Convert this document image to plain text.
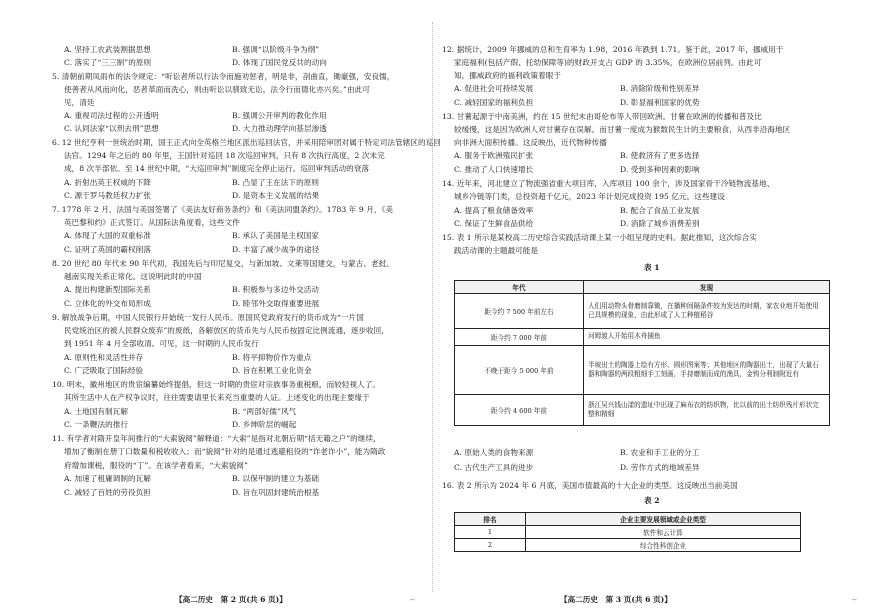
A. 坚持工农武装割据思想	B. 强调“以阶级斗争为纲”
C. 落实了“三三制”的原则	D. 体现了国民党反共的动向
5. 清朝前期凤雨布的法令规定：“听讼者所以行法令而施劝惩者，明是非，剖曲直，锄豪强，安良懦，
使善者从风而向化，恶者革面而洗心，则由听讼以驯致无讼，法令行而德化亦兴矣。”由此可
见，清廷
A. 重视司法过程的公开透明	B. 强调公开审判的教化作用
C. 认同法家“以刑去刑”思想	D. 大力推动理学向基层渗透
6. 12 世纪亨利一世统治时期，国王正式向全英格兰地区派出巡回法官，并采用陪审团对属于特定司法管辖区的巡回
法官。1294 年之后的 80 年里，王国针对巡回 18 次巡回审判，只有 8 次执行高度，2 次未完
成，8 次半部依。至 14 世纪中期，“大巡回审判”制度完全停止运行。巡回审判活动的衰落
A. 折射出英王权威的下降	B. 凸显了王在法下的原则
C. 源于罗马教廷权力扩张	D. 是资本主义发展的结果
7. 1778 年 2 月，法国与美国签署了《美法友好商务条约》和《美法同盟条约》。1783 年 9 月，《美
英巴黎和约》正式签订。从国际法角度看，这些文件
A. 体现了大国的双重标准	B. 承认了美国是主权国家
C. 证明了英国的霸权削落	D. 丰富了减少战争的途径
8. 20 世纪 80 年代末 90 年代初，我国先后与印尼复交，与新加坡、文莱等国建交，与蒙古、老挝、
越南实现关系正常化。这说明此时的中国
A. 提出构建新型国际关系	B. 积极参与多边外交活动
C. 立体化的外交布局形成	D. 睦邻外交取得重要进展
9. 解放战争后期，中国人民银行开始统一发行人民币。原国民党政府发行的货币成为“一片国
民党统治区的被人民群众废弃”的废纸，各解放区的货币先与人民币按固定比例流通，逐步收回，
到 1951 年 4 月全部收清。可见，这一时期的人民币发行
A. 原则性和灵活性并存	B. 将平抑物价作为重点
C. 广泛吸取了国际经验	D. 旨在积累工业化资金
10. 明末，徽州地区的贵宦编纂始终提倡，但这一时期的贵宦对宗族事务重税粮，而较轻视人了。
其所生活中人在产权争议时，往往需要请里长来充当重要的人证。上述变化的出现主要缘于
A. 土地国有制瓦解	B. “两部好儒”风气
C. 一条鞭法的推行	D. 乡绅阶层的崛起
11. 有学者对隋开皇年间推行的“大索貌阅”解释道：“大索”是指对北朝后期“括无籍之户”的继续，
增加了衡制在册丁口数量和税收收入；而“貌阅”针对的是通过逃避租役的“诈老诈小”，能为隋政
府增加课税，服役的“丁”。在该学者看来，“大索貌阅”
A. 加速了租庸调制的瓦解	B. 以保甲制的建立为基础
C. 减轻了百姓的劳役负担	D. 旨在巩固封建统治根基
【高二历史　第 2 页(共 6 页)】
12. 据统计，2009 年挪威的总和生育率为 1.98，2016 年跌到 1.71。鉴于此，2017 年，挪威用于
家庭福利(包括产假、托幼保障等)的财政开支占 GDP 的 3.35%，在欧洲位居前列。由此可
知，挪威政府的福利政策着眼于
A. 促进社会可持续发展	B. 消除阶级和性别差异
C. 减轻国家的福利负担	D. 彰显福利国家的优势
13. 甘薯起源于中南美洲，约在 15 世纪末由哥伦布等人带回欧洲。甘薯在欧洲的传播和普及比
较缓慢，这是因为欧洲人对甘薯存在误解。而甘薯一度成为猴数民生计的主要粮食，从西非沿海地区
向非洲大面积传播。这反映出，近代物种传播
A. 服务于欧洲殖民扩张	B. 使救济有了更多选择
C. 推动了人口快速增长	D. 受到多种因素的影响
14. 近年来，河北建立了物流强省重大项目库，入库项目 100 余个，涉及国家骨干冷链物流基地、
城乡冷链等门类，总投资超千亿元，2023 年计划完成投资 195 亿元。这些建设
A. 提高了粮食储备效率	B. 配合了食品工业发展
C. 保证了生鲜食品供给	D. 消除了城乡消费差别
15. 表 1 所示是某校高二历史综合实践活动课上某一小组呈现的史料。据此推知，这次综合实
践活动课的主题最可能是
表 1
年代	发现
距今约 7 500 年前左右	人们用动物头骨磨制靠锄，在播种间隔条件较为发达的时期，家农业地开始使用已具规模的现象，由此形成了人工种植稻谷
距今约 7 000 年前	河姆渡人开始用木舟捕鱼
不晚于距今 5 000 年前	半坡出土的陶器上绘有方形、圆形图案等；其他地区的陶器出土，出现了大量石器和陶器的两段粗细手工刻画，手持磨制而成的渔具，金钩分利制附近有
距今约 4 600 年前	浙江吴兴钱山漾的遗址中出现了麻布衣的纺织物，比以前的出土纺织残片形状完整和精细
A. 原始人类的食物来源	B. 农业和手工业的分工
C. 古代生产工具的进步	D. 劳作方式的地域差异
16. 表 2 所示为 2024 年 6 月底，美国市值最高的十大企业的类型。这反映出当前美国
表 2
排名	企业主要发展领域或企业类型
1	软件和云计算
2	综合性科创企业
【高二历史　第 3 页(共 6 页)】
--	--
